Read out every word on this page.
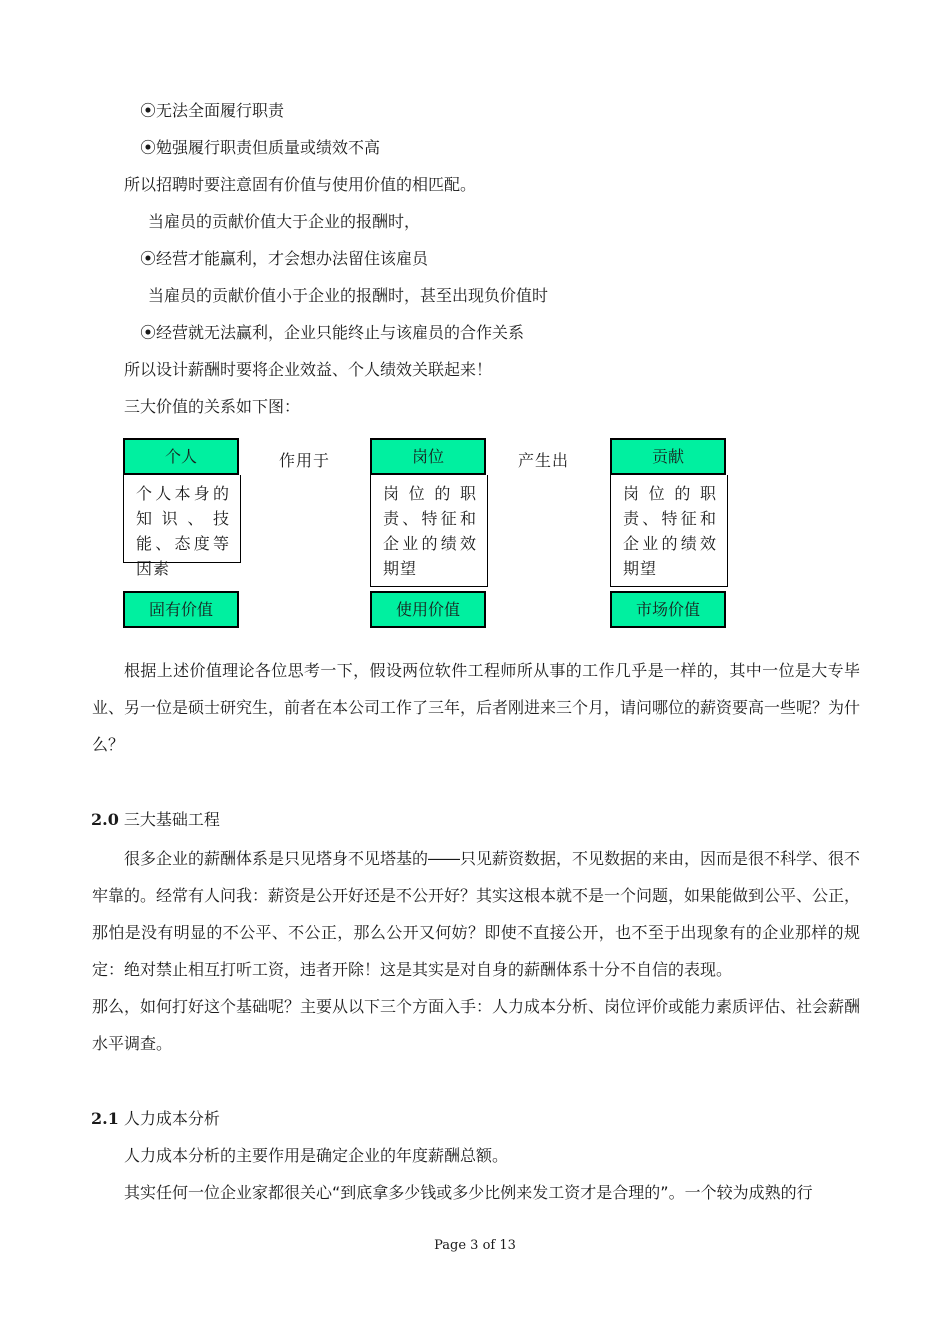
⦿无法全面履行职责
⦿勉强履行职责但质量或绩效不高
所以招聘时要注意固有价值与使用价值的相匹配。
当雇员的贡献价值大于企业的报酬时，
⦿经营才能赢利，才会想办法留住该雇员
当雇员的贡献价值小于企业的报酬时，甚至出现负价值时
⦿经营就无法赢利，企业只能终止与该雇员的合作关系
所以设计薪酬时要将企业效益、个人绩效关联起来！
三大价值的关系如下图：
个人
个人本身的知识、技能、态度等因素
固有价值
作用于	岗位
岗位的职责、特征和企业的绩效期望
使用价值
产生出	贡献
岗位的职责、特征和企业的绩效期望
市场价值
根据上述价值理论各位思考一下，假设两位软件工程师所从事的工作几乎是一样的，其中一位是大专毕业、另一位是硕士研究生，前者在本公司工作了三年，后者刚进来三个月，请问哪位的薪资要高一些呢？为什么？
2.0 三大基础工程
很多企业的薪酬体系是只见塔身不见塔基的――只见薪资数据，不见数据的来由，因而是很不科学、很不牢靠的。经常有人问我：薪资是公开好还是不公开好？其实这根本就不是一个问题，如果能做到公平、公正，那怕是没有明显的不公平、不公正，那么公开又何妨？即使不直接公开，也不至于出现象有的企业那样的规定：绝对禁止相互打听工资，违者开除！这是其实是对自身的薪酬体系十分不自信的表现。
那么，如何打好这个基础呢？主要从以下三个方面入手：人力成本分析、岗位评价或能力素质评估、社会薪酬水平调查。
2.1 人力成本分析
人力成本分析的主要作用是确定企业的年度薪酬总额。
其实任何一位企业家都很关心“到底拿多少钱或多少比例来发工资才是合理的”。一个较为成熟的行
Page 3 of 13
